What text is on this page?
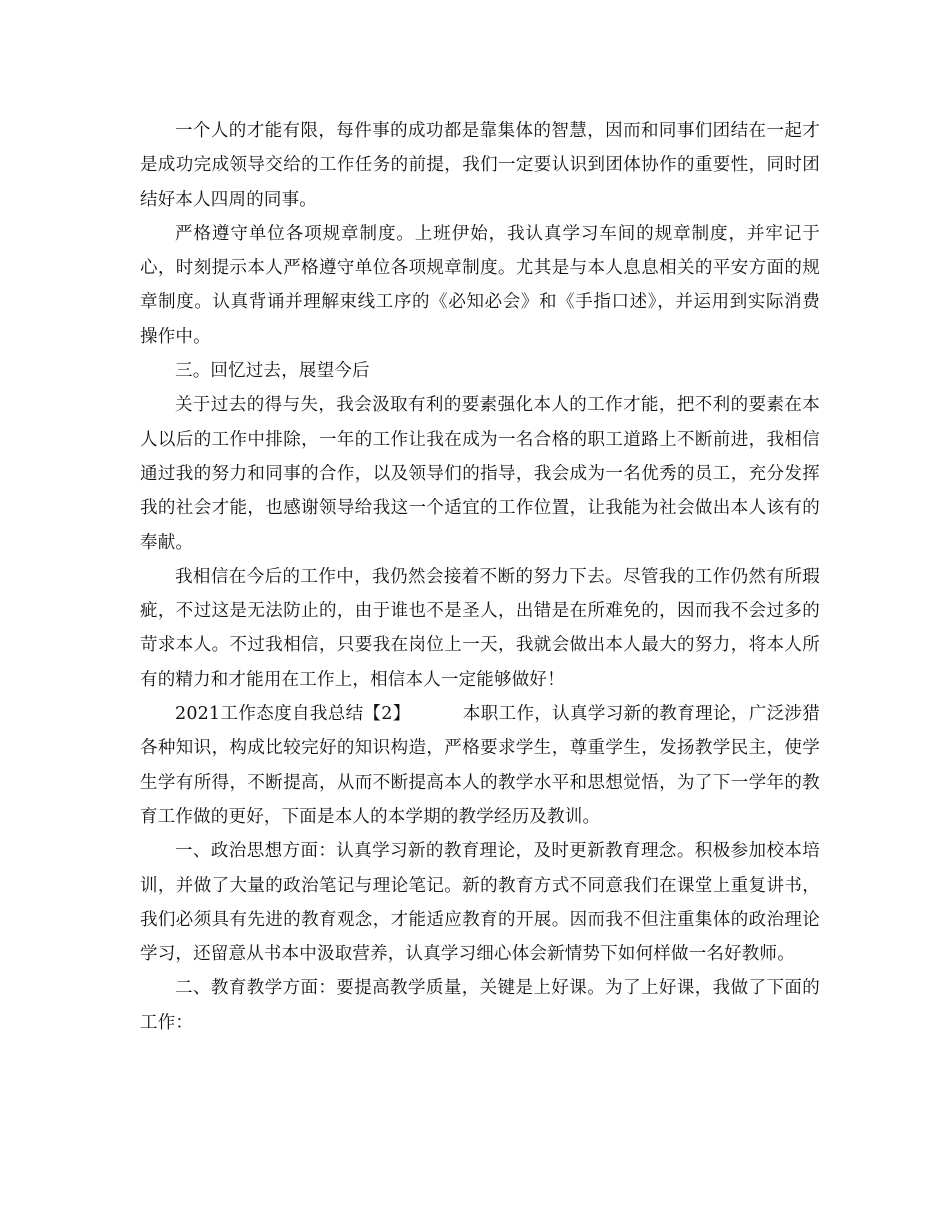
一个人的才能有限，每件事的成功都是靠集体的智慧，因而和同事们团结在一起才是成功完成领导交给的工作任务的前提，我们一定要认识到团体协作的重要性，同时团结好本人四周的同事。

严格遵守单位各项规章制度。上班伊始，我认真学习车间的规章制度，并牢记于心，时刻提示本人严格遵守单位各项规章制度。尤其是与本人息息相关的平安方面的规章制度。认真背诵并理解束线工序的《必知必会》和《手指口述》，并运用到实际消费操作中。

三。回忆过去，展望今后

关于过去的得与失，我会汲取有利的要素强化本人的工作才能，把不利的要素在本人以后的工作中排除，一年的工作让我在成为一名合格的职工道路上不断前进，我相信通过我的努力和同事的合作，以及领导们的指导，我会成为一名优秀的员工，充分发挥我的社会才能，也感谢领导给我这一个适宜的工作位置，让我能为社会做出本人该有的奉献。

我相信在今后的工作中，我仍然会接着不断的努力下去。尽管我的工作仍然有所瑕疵，不过这是无法防止的，由于谁也不是圣人，出错是在所难免的，因而我不会过多的苛求本人。不过我相信，只要我在岗位上一天，我就会做出本人最大的努力，将本人所有的精力和才能用在工作上，相信本人一定能够做好！

2021工作态度自我总结【2】	本职工作，认真学习新的教育理论，广泛涉猎各种知识，构成比较完好的知识构造，严格要求学生，尊重学生，发扬教学民主，使学生学有所得，不断提高，从而不断提高本人的教学水平和思想觉悟，为了下一学年的教育工作做的更好，下面是本人的本学期的教学经历及教训。

一、政治思想方面：认真学习新的教育理论，及时更新教育理念。积极参加校本培训，并做了大量的政治笔记与理论笔记。新的教育方式不同意我们在课堂上重复讲书，我们必须具有先进的教育观念，才能适应教育的开展。因而我不但注重集体的政治理论学习，还留意从书本中汲取营养，认真学习细心体会新情势下如何样做一名好教师。

二、教育教学方面：要提高教学质量，关键是上好课。为了上好课，我做了下面的工作：
